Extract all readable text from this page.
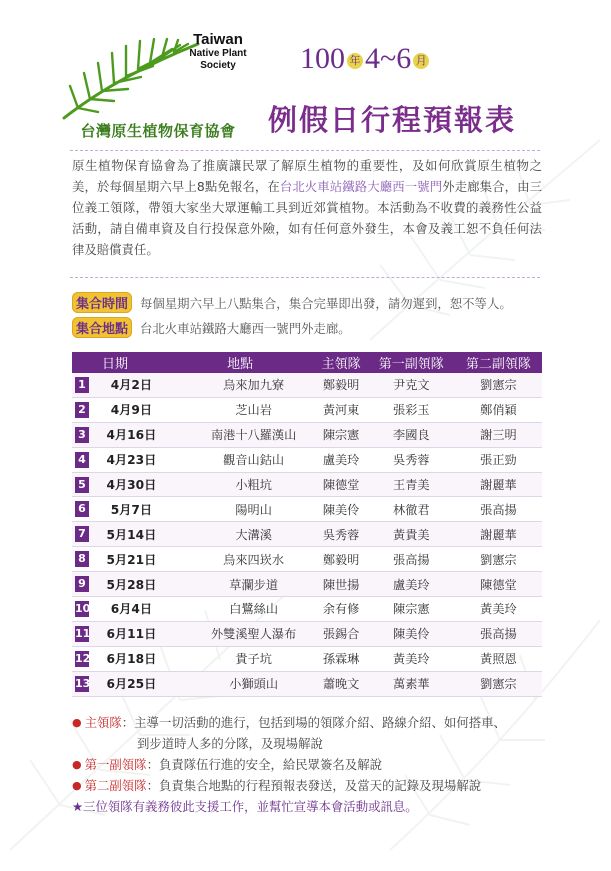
Taiwan
Native Plant
Society
台灣原生植物保育協會
100 年 4~6 月
例假日行程預報表
原生植物保育協會為了推廣讓民眾了解原生植物的重要性，及如何欣賞原生植物之美，於每個星期六早上8點免報名，在台北火車站鐵路大廳西一號門外走廊集合，由三位義工領隊，帶領大家坐大眾運輸工具到近郊賞植物。本活動為不收費的義務性公益活動，請自備車資及自行投保意外險，如有任何意外發生，本會及義工恕不負任何法律及賠償責任。
集合時間 每個星期六早上八點集合，集合完畢即出發，請勿遲到，恕不等人。
集合地點 台北火車站鐵路大廳西一號門外走廊。
	日期	地點	主領隊	第一副領隊	第二副領隊
1	4月2日	烏來加九寮	鄭毅明	尹克文	劉憲宗
2	4月9日	芝山岩	黃河東	張彩玉	鄭俏穎
3	4月16日	南港十八羅漢山	陳宗憲	李國良	謝三明
4	4月23日	觀音山鈷山	盧美玲	吳秀蓉	張正勁
5	4月30日	小粗坑	陳德堂	王青美	謝麗華
6	5月7日	陽明山	陳美伶	林徹君	張高揚
7	5月14日	大溝溪	吳秀蓉	黃貴美	謝麗華
8	5月21日	烏來四崁水	鄭毅明	張高揚	劉憲宗
9	5月28日	草瀾步道	陳世揚	盧美玲	陳德堂
10	6月4日	白鷺絲山	余有修	陳宗憲	黃美玲
11	6月11日	外雙溪聖人瀑布	張錫合	陳美伶	張高揚
12	6月18日	貴子坑	孫霖琳	黃美玲	黃照恩
13	6月25日	小獅頭山	蕭晚文	萬素華	劉憲宗
● 主領隊：主導一切活動的進行，包括到場的領隊介紹、路線介紹、如何搭車、
到步道時人多的分隊，及現場解說
● 第一副領隊：負責隊伍行進的安全，給民眾簽名及解說
● 第二副領隊：負責集合地點的行程預報表發送，及當天的記錄及現場解說
★ 三位領隊有義務彼此支援工作，並幫忙宣導本會活動或訊息。
